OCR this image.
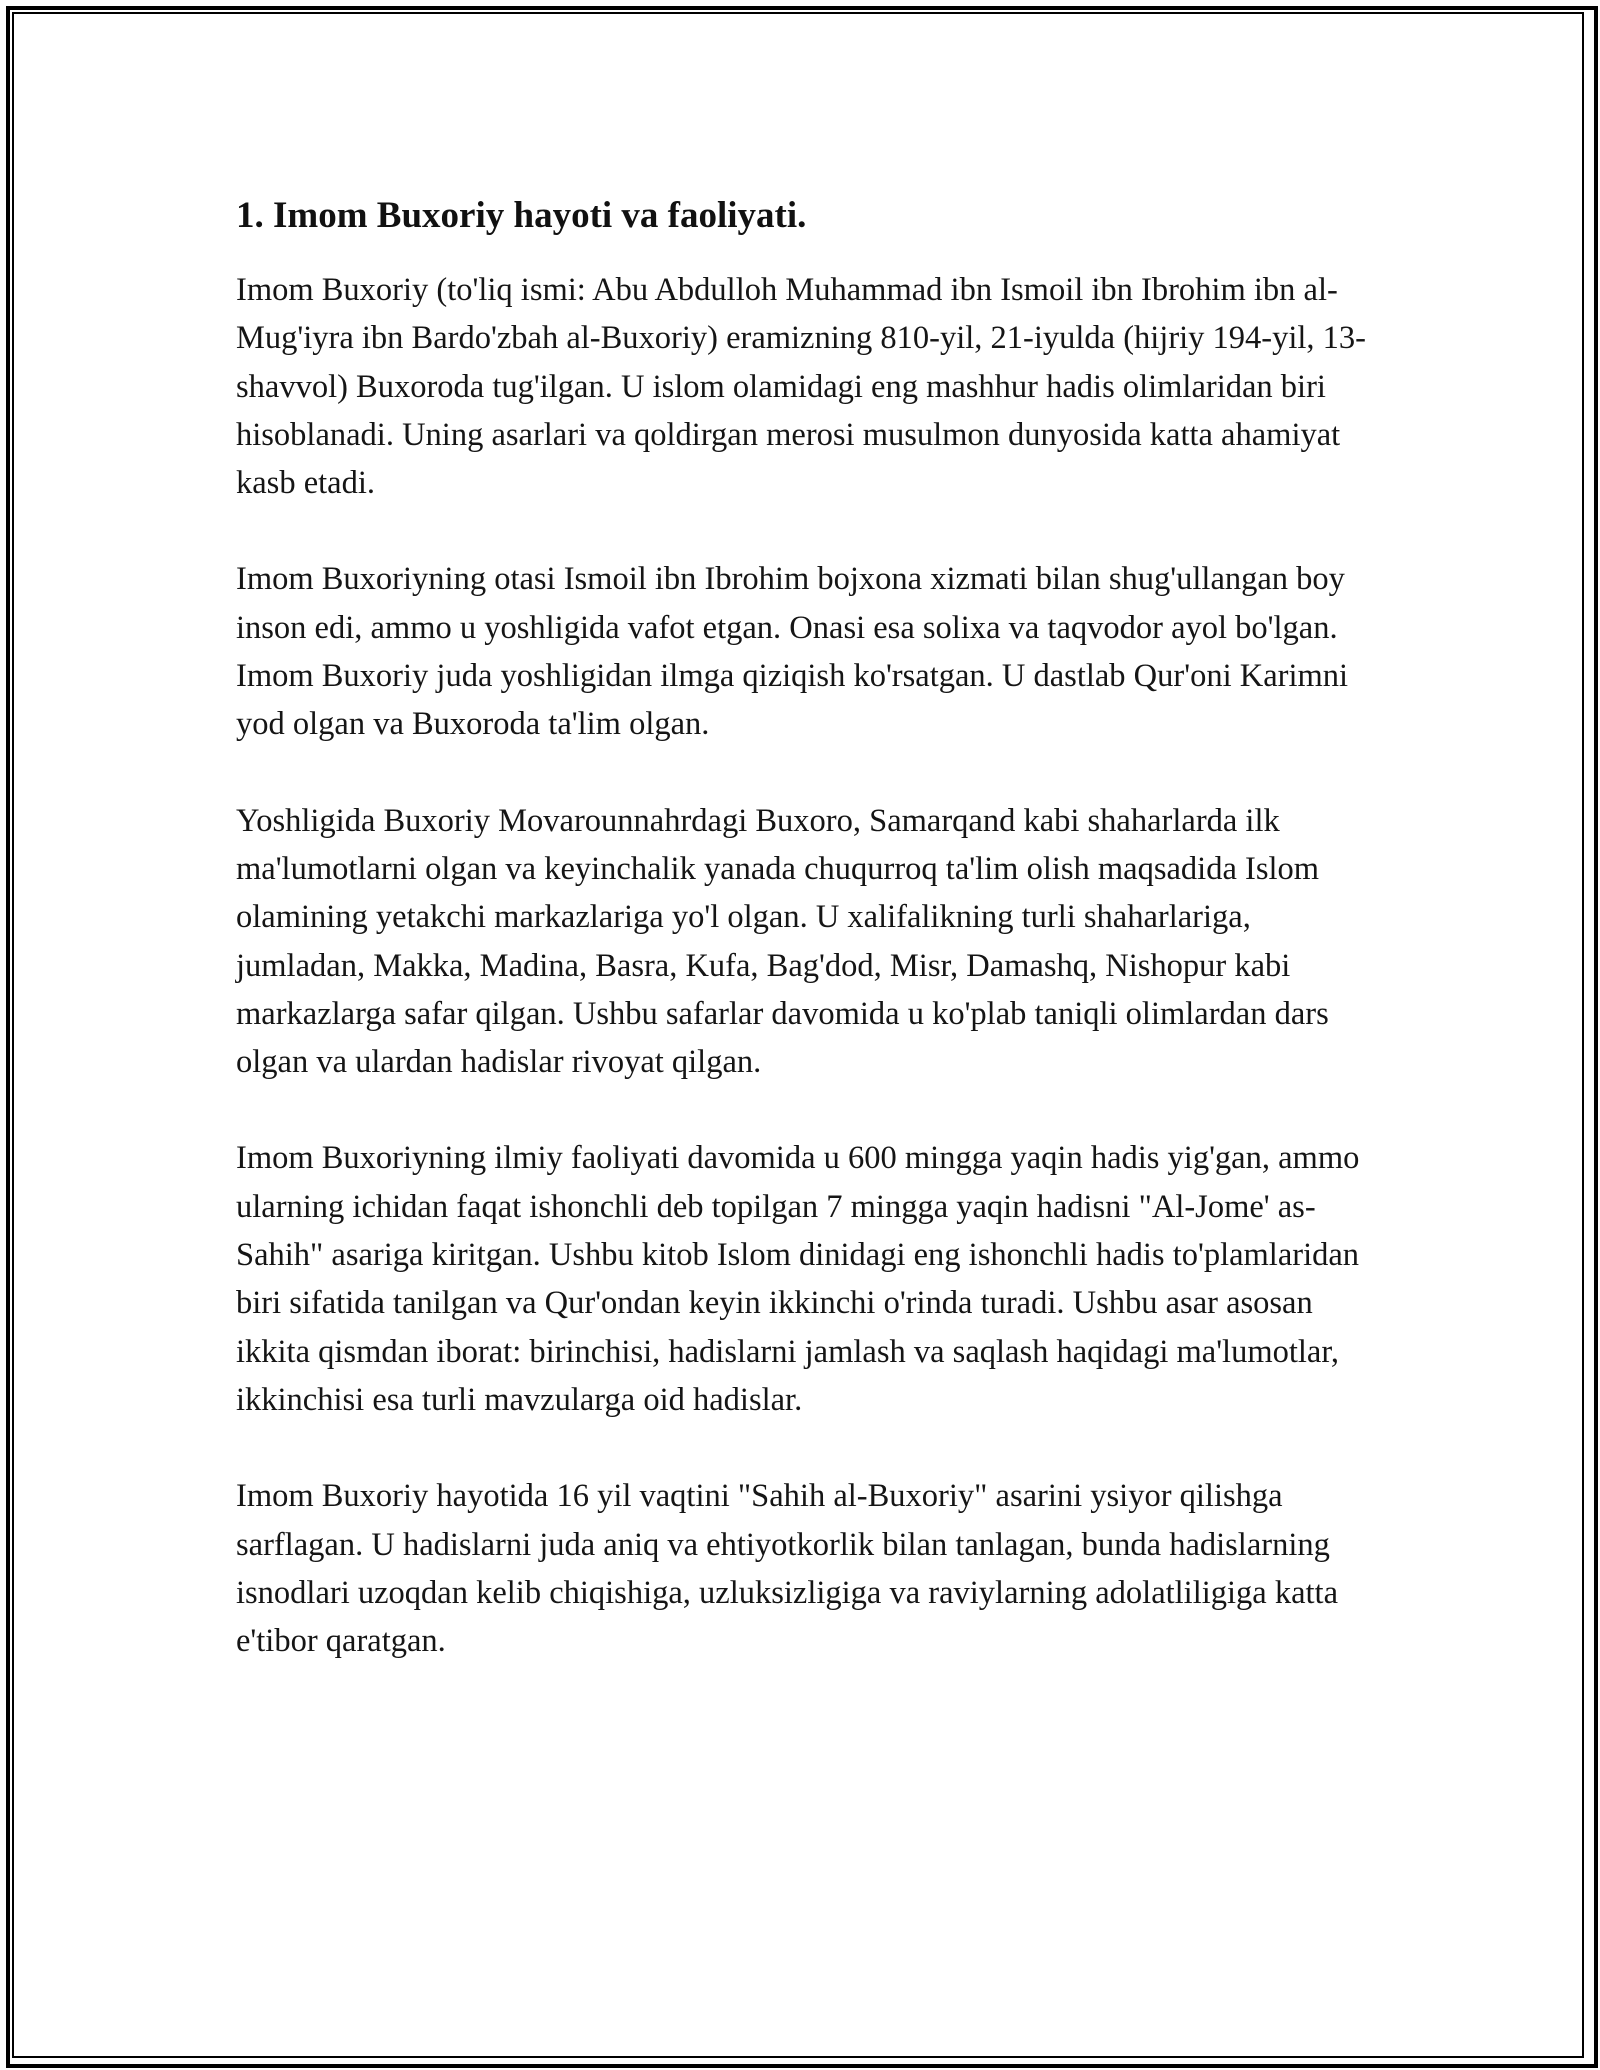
1. Imom Buxoriy hayoti va faoliyati.

Imom Buxoriy (to'liq ismi: Abu Abdulloh Muhammad ibn Ismoil ibn Ibrohim ibn al-Mug'iyra ibn Bardo'zbah al-Buxoriy) eramizning 810-yil, 21-iyulda (hijriy 194-yil, 13-shavvol) Buxoroda tug'ilgan. U islom olamidagi eng mashhur hadis olimlaridan biri hisoblanadi. Uning asarlari va qoldirgan merosi musulmon dunyosida katta ahamiyat kasb etadi.

Imom Buxoriyning otasi Ismoil ibn Ibrohim bojxona xizmati bilan shug'ullangan boy inson edi, ammo u yoshligida vafot etgan. Onasi esa solixa va taqvodor ayol bo'lgan. Imom Buxoriy juda yoshligidan ilmga qiziqish ko'rsatgan. U dastlab Qur'oni Karimni yod olgan va Buxoroda ta'lim olgan.

Yoshligida Buxoriy Movarounnahrdagi Buxoro, Samarqand kabi shaharlarda ilk ma'lumotlarni olgan va keyinchalik yanada chuqurroq ta'lim olish maqsadida Islom olamining yetakchi markazlariga yo'l olgan. U xalifalikning turli shaharlariga, jumladan, Makka, Madina, Basra, Kufa, Bag'dod, Misr, Damashq, Nishopur kabi markazlarga safar qilgan. Ushbu safarlar davomida u ko'plab taniqli olimlardan dars olgan va ulardan hadislar rivoyat qilgan.

Imom Buxoriyning ilmiy faoliyati davomida u 600 mingga yaqin hadis yig'gan, ammo ularning ichidan faqat ishonchli deb topilgan 7 mingga yaqin hadisni "Al-Jome' as-Sahih" asariga kiritgan. Ushbu kitob Islom dinidagi eng ishonchli hadis to'plamlaridan biri sifatida tanilgan va Qur'ondan keyin ikkinchi o'rinda turadi. Ushbu asar asosan ikkita qismdan iborat: birinchisi, hadislarni jamlash va saqlash haqidagi ma'lumotlar, ikkinchisi esa turli mavzularga oid hadislar.

Imom Buxoriy hayotida 16 yil vaqtini "Sahih al-Buxoriy" asarini ysiyor qilishga sarflagan. U hadislarni juda aniq va ehtiyotkorlik bilan tanlagan, bunda hadislarning isnodlari uzoqdan kelib chiqishiga, uzluksizligiga va raviylarning adolatliligiga katta e'tibor qaratgan.
